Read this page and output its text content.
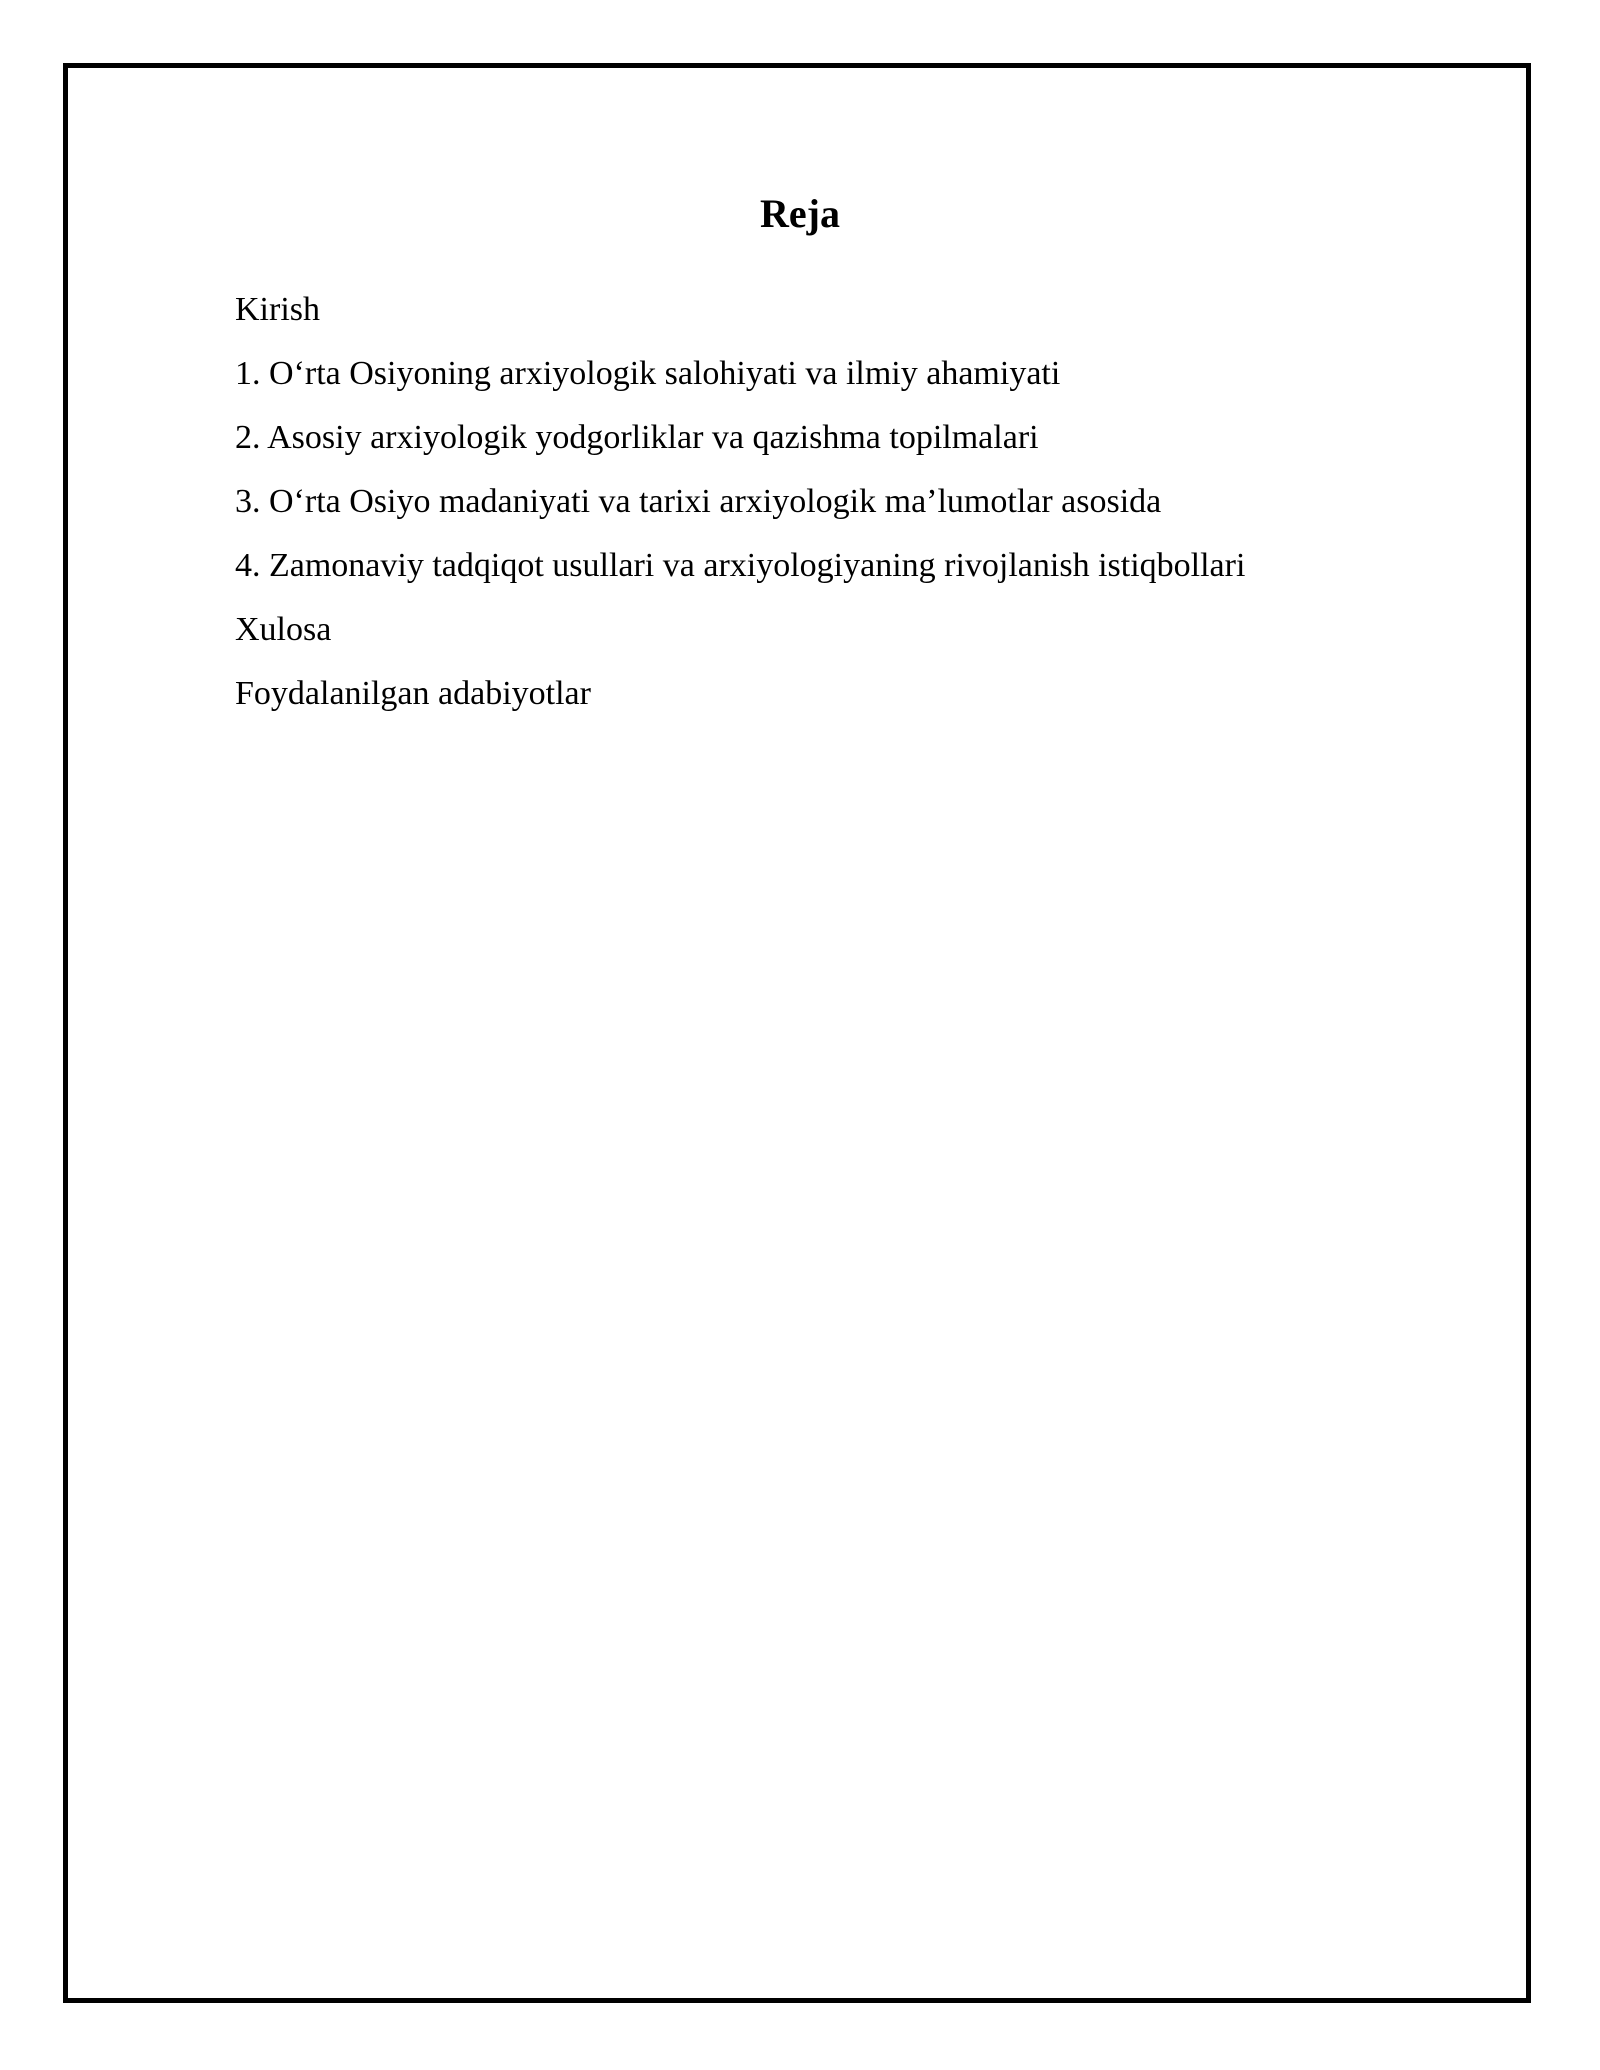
Reja
Kirish
1. O‘rta Osiyoning arxiyologik salohiyati va ilmiy ahamiyati
2. Asosiy arxiyologik yodgorliklar va qazishma topilmalari
3. O‘rta Osiyo madaniyati va tarixi arxiyologik ma’lumotlar asosida
4. Zamonaviy tadqiqot usullari va arxiyologiyaning rivojlanish istiqbollari
Xulosa
Foydalanilgan adabiyotlar
